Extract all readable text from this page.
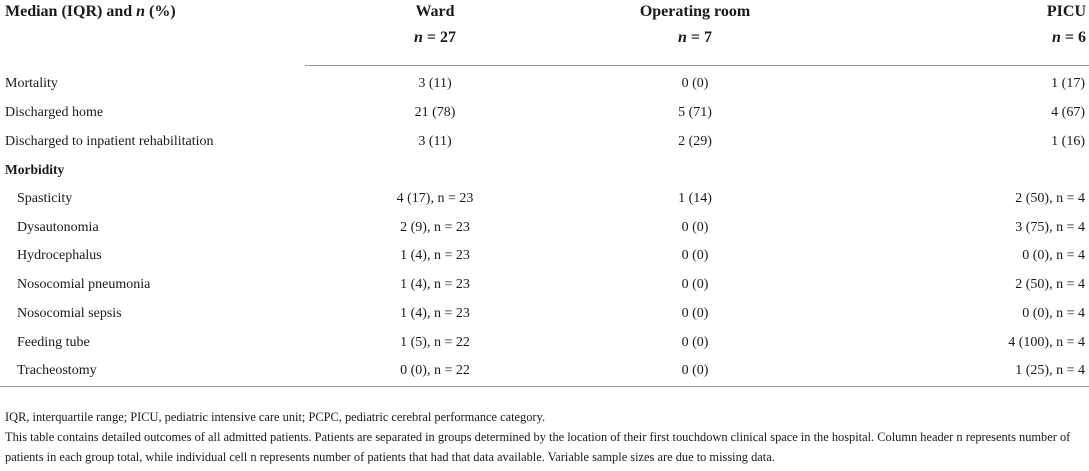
Median (IQR) and n (%)	Ward	Operating room	PICU
	n = 27	n = 7	n = 6
Mortality	3 (11)	0 (0)	1 (17)
Discharged home	21 (78)	5 (71)	4 (67)
Discharged to inpatient rehabilitation	3 (11)	2 (29)	1 (16)
Morbidity			
Spasticity	4 (17), n = 23	1 (14)	2 (50), n = 4
Dysautonomia	2 (9), n = 23	0 (0)	3 (75), n = 4
Hydrocephalus	1 (4), n = 23	0 (0)	0 (0), n = 4
Nosocomial pneumonia	1 (4), n = 23	0 (0)	2 (50), n = 4
Nosocomial sepsis	1 (4), n = 23	0 (0)	0 (0), n = 4
Feeding tube	1 (5), n = 22	0 (0)	4 (100), n = 4
Tracheostomy	0 (0), n = 22	0 (0)	1 (25), n = 4

IQR, interquartile range; PICU, pediatric intensive care unit; PCPC, pediatric cerebral performance category.

This table contains detailed outcomes of all admitted patients. Patients are separated in groups determined by the location of their first touchdown clinical space in the hospital. Column header n represents number of patients in each group total, while individual cell n represents number of patients that had that data available. Variable sample sizes are due to missing data.
